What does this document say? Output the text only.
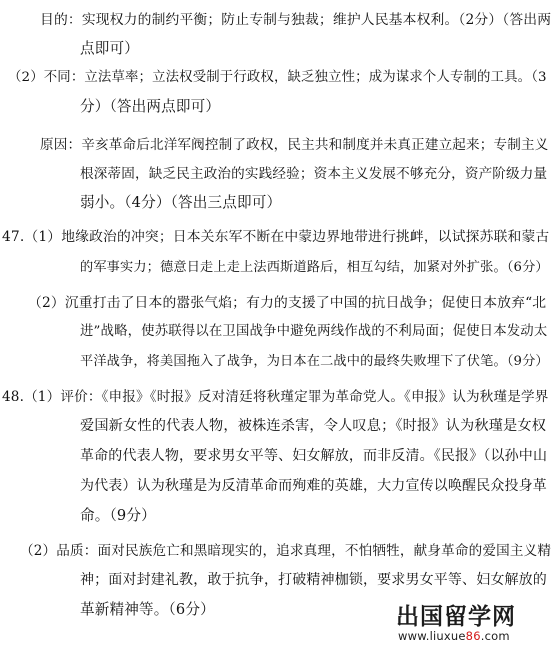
目的：实现权力的制约平衡；防止专制与独裁；维护人民基本权利。（2分）（答出两
点即可）
（2）不同：立法草率；立法权受制于行政权，缺乏独立性；成为谋求个人专制的工具。（3
分）（答出两点即可）
原因：辛亥革命后北洋军阀控制了政权，民主共和制度并未真正建立起来；专制主义
根深蒂固，缺乏民主政治的实践经验；资本主义发展不够充分，资产阶级力量
弱小。（4分）（答出三点即可）
47.（1）地缘政治的冲突；日本关东军不断在中蒙边界地带进行挑衅，以试探苏联和蒙古
的军事实力；德意日走上走上法西斯道路后，相互勾结，加紧对外扩张。（6分）
（2）沉重打击了日本的嚣张气焰；有力的支援了中国的抗日战争；促使日本放弃“北
进”战略，使苏联得以在卫国战争中避免两线作战的不利局面；促使日本发动太
平洋战争，将美国拖入了战争，为日本在二战中的最终失败埋下了伏笔。（9分）
48.（1）评价：《申报》《时报》反对清廷将秋瑾定罪为革命党人。《申报》认为秋瑾是学界
爱国新女性的代表人物，被株连杀害，令人叹息；《时报》认为秋瑾是女权
革命的代表人物，要求男女平等、妇女解放，而非反清。《民报》（以孙中山
为代表）认为秋瑾是为反清革命而殉难的英雄，大力宣传以唤醒民众投身革
命。（9分）
（2）品质：面对民族危亡和黑暗现实的，追求真理，不怕牺牲，献身革命的爱国主义精
神；面对封建礼教，敢于抗争，打破精神枷锁，要求男女平等、妇女解放的
革新精神等。（6分）	出国留学网
www.liuxue86.com
